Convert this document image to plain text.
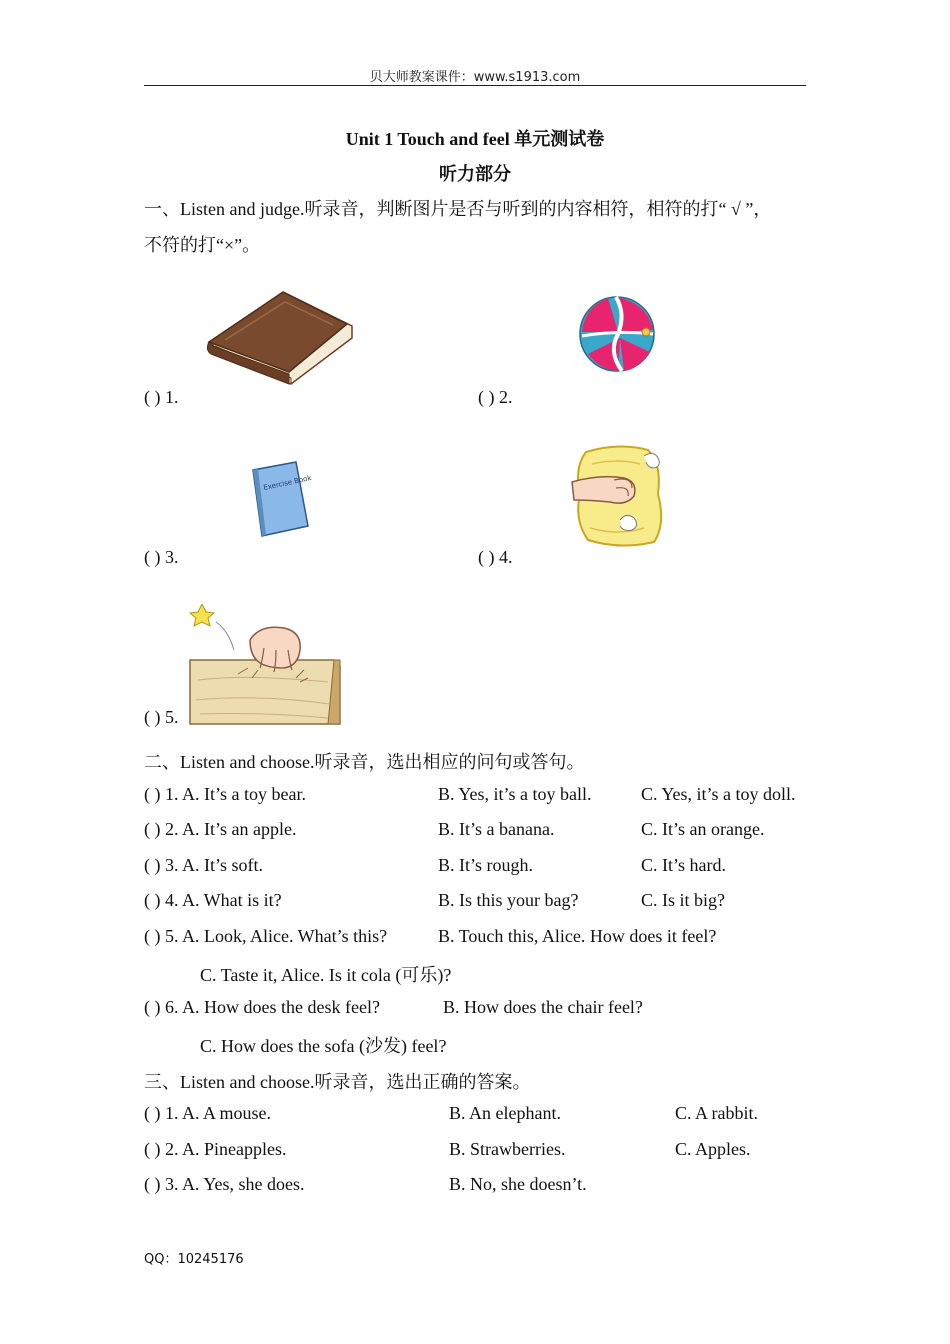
贝大师教案课件：www.s1913.com
Unit 1 Touch and feel 单元测试卷
听力部分
一、Listen and judge.听录音，判断图片是否与听到的内容相符，相符的打“ √ ”，
不符的打“×”。
( ) 1.	( ) 2.
Exercise Book
( ) 3.	( ) 4.
( ) 5.
二、Listen and choose.听录音，选出相应的问句或答句。
( ) 1. A. It’s a toy bear.	B. Yes, it’s a toy ball.	C. Yes, it’s a toy doll.
( ) 2. A. It’s an apple.	B. It’s a banana.	C. It’s an orange.
( ) 3. A. It’s soft.	B. It’s rough.	C. It’s hard.
( ) 4. A. What is it?	B. Is this your bag?	C. Is it big?
( ) 5. A. Look, Alice. What’s this?	B. Touch this, Alice. How does it feel?
C. Taste it, Alice. Is it cola (可乐)?
( ) 6. A. How does the desk feel?	B. How does the chair feel?
C. How does the sofa (沙发) feel?
三、Listen and choose.听录音，选出正确的答案。
( ) 1. A. A mouse.	B. An elephant.	C. A rabbit.
( ) 2. A. Pineapples.	B. Strawberries.	C. Apples.
( ) 3. A. Yes, she does.	B. No, she doesn’t.
QQ：10245176
